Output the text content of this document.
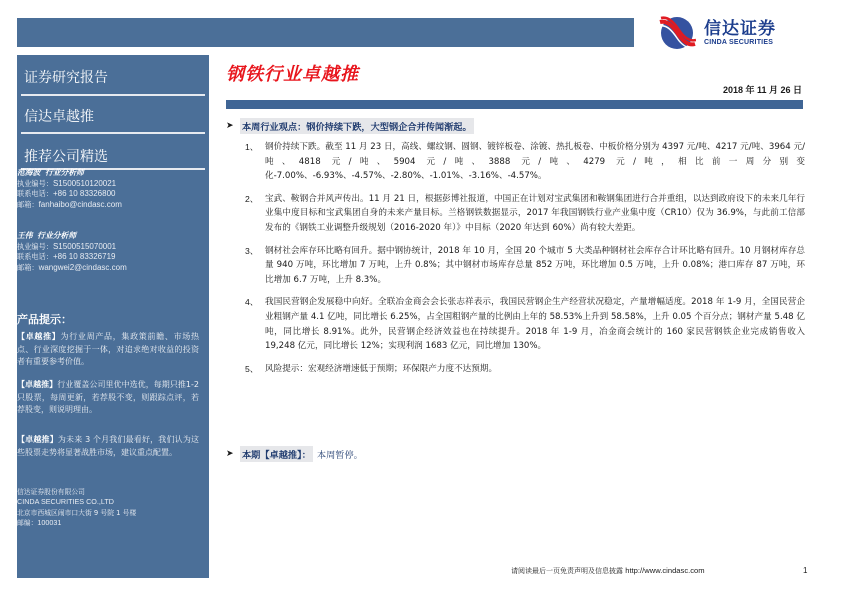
信达证券
CINDA SECURITIES
证券研究报告
信达卓越推
推荐公司精选
范海波 行业分析师
执业编号：S1500510120021
联系电话：+86 10 83326800
邮箱：fanhaibo@cindasc.com
王伟 行业分析师
执业编号：S1500515070001
联系电话：+86 10 83326719
邮箱：wangwei2@cindasc.com
产品提示：
【卓越推】为行业周产品，集政策前瞻、市场热点、行业深度挖掘于一体，对追求绝对收益的投资者有重要参考价值。
【卓越推】行业覆盖公司里优中选优，每期只推1-2只股票，每周更新，若荐股不变，则跟踪点评，若荐股变，则说明理由。
【卓越推】为未来 3 个月我们最看好，我们认为这些股票走势将显著战胜市场，建议重点配置。
信达证券股份有限公司
CINDA SECURITIES CO.,LTD
北京市西城区闹市口大街 9 号院 1 号楼
邮编：100031
钢铁行业卓越推
2018 年 11 月 26 日
➤ 本周行业观点：钢价持续下跌，大型钢企合并传闻渐起。
1、 钢价持续下跌。截至 11 月 23 日，高线、螺纹钢、圆钢、镀锌板卷、涂镀、热扎板卷、中板价格分别为 4397 元/吨、4217 元/吨、3964 元/吨、4818 元/吨、5904 元/吨、3888 元/吨、4279 元/吨，相比前一周分别变化-7.00%、-6.93%、-4.57%、-2.80%、-1.01%、-3.16%、-4.57%。
2、 宝武、鞍钢合并风声传出。11 月 21 日，根据彭博社报道，中国正在计划对宝武集团和鞍钢集团进行合并重组，以达到政府设下的未来几年行业集中度目标和宝武集团自身的未来产量目标。兰格钢铁数据显示，2017 年我国钢铁行业产业集中度（CR10）仅为 36.9%，与此前工信部发布的《钢铁工业调整升级规划（2016-2020 年）》中目标（2020 年达到 60%）尚有较大差距。
3、 钢材社会库存环比略有回升。据中钢协统计，2018 年 10 月，全国 20 个城市 5 大类品种钢材社会库存合计环比略有回升。10 月钢材库存总量 940 万吨，环比增加 7 万吨，上升 0.8%；其中钢材市场库存总量 852 万吨，环比增加 0.5 万吨，上升 0.08%；港口库存 87 万吨，环比增加 6.7 万吨，上升 8.3%。
4、 我国民营钢企发展稳中向好。全联冶金商会会长张志祥表示，我国民营钢企生产经营状况稳定，产量增幅适度。2018 年 1-9 月，全国民营企业粗钢产量 4.1 亿吨，同比增长 6.25%，占全国粗钢产量的比例由上年的 58.53%上升到 58.58%，上升 0.05 个百分点；钢材产量 5.48 亿吨，同比增长 8.91%。此外，民营钢企经济效益也在持续提升。2018 年 1-9 月，冶金商会统计的 160 家民营钢铁企业完成销售收入 19,248 亿元，同比增长 12%；实现利润 1683 亿元，同比增加 130%。
5、 风险提示：宏观经济增速低于预期；环保限产力度不达预期。
➤ 本期【卓越推】： 本周暂停。
请阅读最后一页免责声明及信息披露 http://www.cindasc.com	1
